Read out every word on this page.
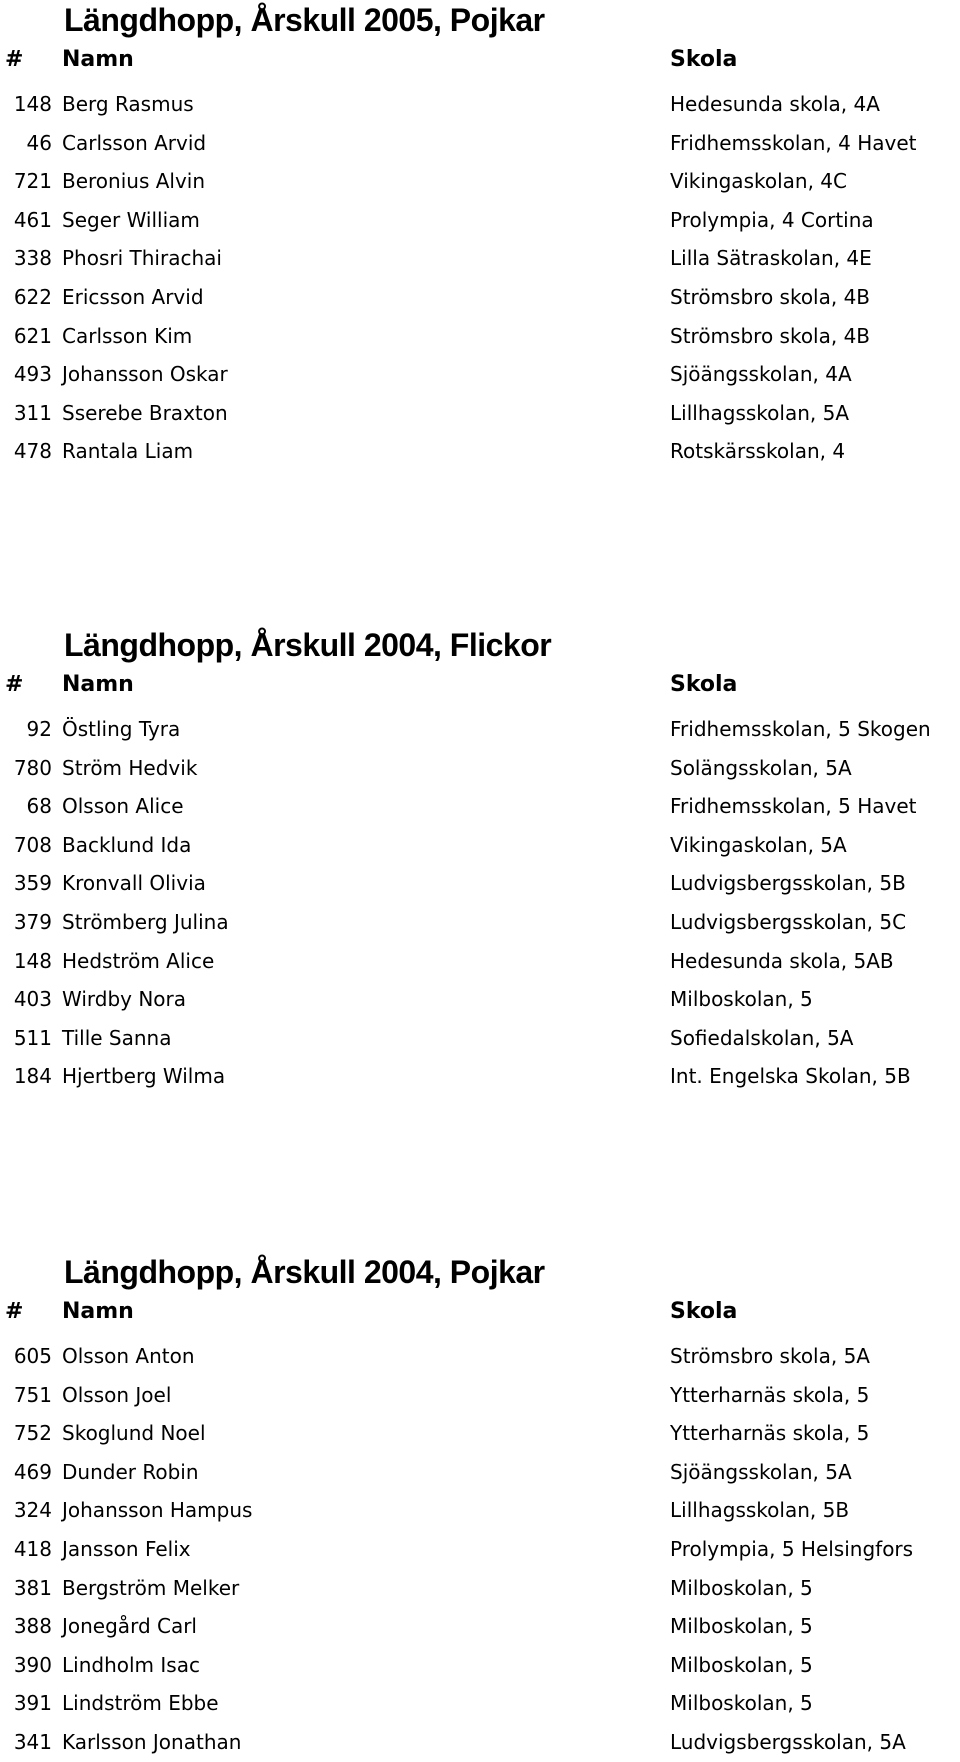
Längdhopp, Årskull 2005, Pojkar
# Namn	Skola
148 Berg Rasmus	Hedesunda skola, 4A
46 Carlsson Arvid	Fridhemsskolan, 4 Havet
721 Beronius Alvin	Vikingaskolan, 4C
461 Seger William	Prolympia, 4 Cortina
338 Phosri Thirachai	Lilla Sätraskolan, 4E
622 Ericsson Arvid	Strömsbro skola, 4B
621 Carlsson Kim	Strömsbro skola, 4B
493 Johansson Oskar	Sjöängsskolan, 4A
311 Sserebe Braxton	Lillhagsskolan, 5A
478 Rantala Liam	Rotskärsskolan, 4
Längdhopp, Årskull 2004, Flickor
# Namn	Skola
92 Östling Tyra	Fridhemsskolan, 5 Skogen
780 Ström Hedvik	Solängsskolan, 5A
68 Olsson Alice	Fridhemsskolan, 5 Havet
708 Backlund Ida	Vikingaskolan, 5A
359 Kronvall Olivia	Ludvigsbergsskolan, 5B
379 Strömberg Julina	Ludvigsbergsskolan, 5C
148 Hedström Alice	Hedesunda skola, 5AB
403 Wirdby Nora	Milboskolan, 5
511 Tille Sanna	Sofiedalskolan, 5A
184 Hjertberg Wilma	Int. Engelska Skolan, 5B
Längdhopp, Årskull 2004, Pojkar
# Namn	Skola
605 Olsson Anton	Strömsbro skola, 5A
751 Olsson Joel	Ytterharnäs skola, 5
752 Skoglund Noel	Ytterharnäs skola, 5
469 Dunder Robin	Sjöängsskolan, 5A
324 Johansson Hampus	Lillhagsskolan, 5B
418 Jansson Felix	Prolympia, 5 Helsingfors
381 Bergström Melker	Milboskolan, 5
388 Jonegård Carl	Milboskolan, 5
390 Lindholm Isac	Milboskolan, 5
391 Lindström Ebbe	Milboskolan, 5
341 Karlsson Jonathan	Ludvigsbergsskolan, 5A
